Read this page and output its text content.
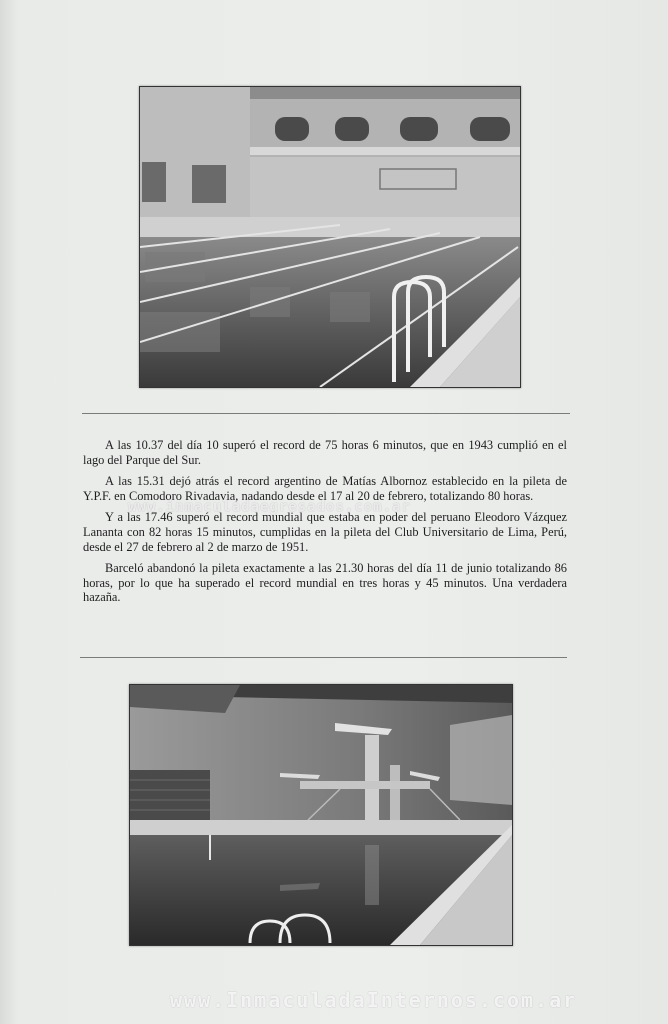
A las 10.37 del día 10 superó el record de 75 horas 6 minutos, que en 1943 cumplió en el lago del Parque del Sur.

A las 15.31 dejó atrás el record argentino de Matías Albornoz establecido en la pileta de Y.P.F. en Comodoro Rivadavia, nadando desde el 17 al 20 de febrero, totalizando 80 horas.

Y a las 17.46 superó el record mundial que estaba en poder del peruano Eleodoro Vázquez Lananta con 82 horas 15 minutos, cumplidas en la pileta del Club Universitario de Lima, Perú, desde el 27 de febrero al 2 de marzo de 1951.

Barceló abandonó la pileta exactamente a las 21.30 horas del día 11 de junio totalizando 86 horas, por lo que ha superado el record mundial en tres horas y 45 minutos. Una verdadera hazaña.

www.inmaculadaegresados.com.ar
www.InmaculadaInternos.com.ar
